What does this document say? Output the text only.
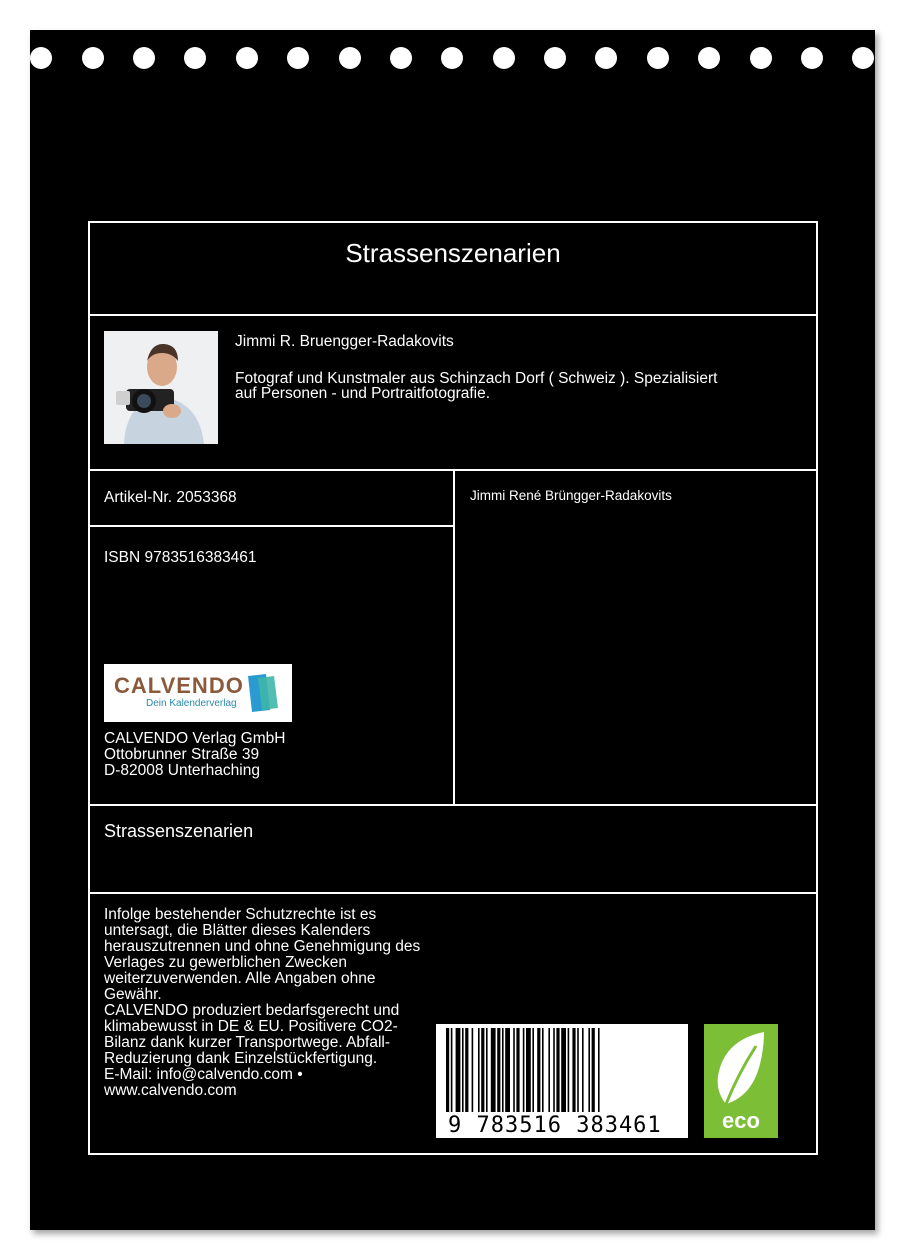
Strassenszenarien
Jimmi R. Bruengger-Radakovits
Fotograf und Kunstmaler aus Schinzach Dorf ( Schweiz ). Spezialisiert
auf Personen - und Portraitfotografie.
Artikel-Nr. 2053368
ISBN 9783516383461
Jimmi René Brüngger-Radakovits
CALVENDO
Dein Kalenderverlag
CALVENDO Verlag GmbH
Ottobrunner Straße 39
D-82008 Unterhaching
Strassenszenarien
Infolge bestehender Schutzrechte ist es
untersagt, die Blätter dieses Kalenders
herauszutrennen und ohne Genehmigung des
Verlages zu gewerblichen Zwecken
weiterzuverwenden. Alle Angaben ohne
Gewähr.
CALVENDO produziert bedarfsgerecht und
klimabewusst in DE & EU. Positivere CO2-
Bilanz dank kurzer Transportwege. Abfall-
Reduzierung dank Einzelstückfertigung.
E-Mail: info@calvendo.com •
www.calvendo.com
9 783516 383461	eco
